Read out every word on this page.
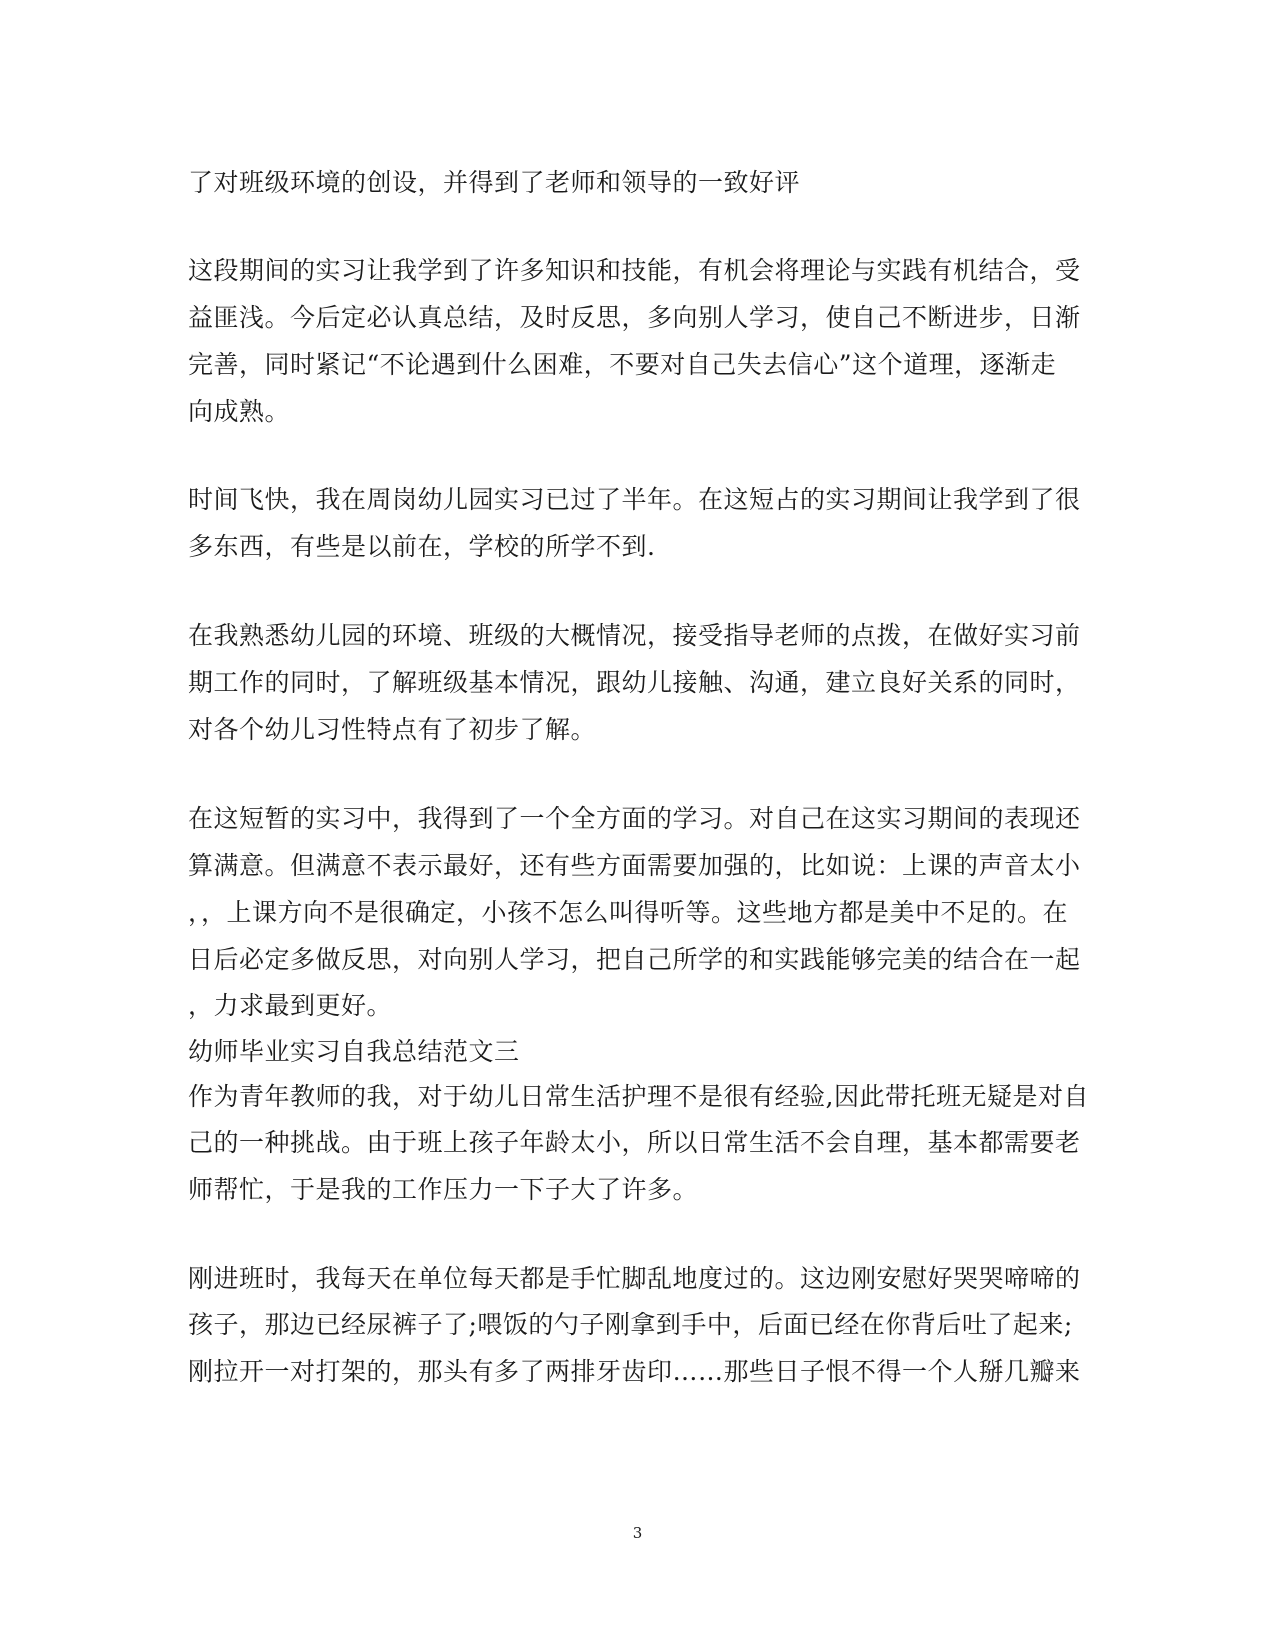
了对班级环境的创设，并得到了老师和领导的一致好评
这段期间的实习让我学到了许多知识和技能，有机会将理论与实践有机结合，受
益匪浅。今后定必认真总结，及时反思，多向别人学习，使自己不断进步，日渐
完善，同时紧记“不论遇到什么困难，不要对自己失去信心”这个道理，逐渐走
向成熟。
时间飞快，我在周岗幼儿园实习已过了半年。在这短占的实习期间让我学到了很
多东西，有些是以前在，学校的所学不到.
在我熟悉幼儿园的环境、班级的大概情况，接受指导老师的点拨，在做好实习前
期工作的同时，了解班级基本情况，跟幼儿接触、沟通，建立良好关系的同时，
对各个幼儿习性特点有了初步了解。
在这短暂的实习中，我得到了一个全方面的学习。对自己在这实习期间的表现还
算满意。但满意不表示最好，还有些方面需要加强的，比如说：上课的声音太小
，，上课方向不是很确定，小孩不怎么叫得听等。这些地方都是美中不足的。在
日后必定多做反思，对向别人学习，把自己所学的和实践能够完美的结合在一起
，力求最到更好。
幼师毕业实习自我总结范文三
作为青年教师的我，对于幼儿日常生活护理不是很有经验,因此带托班无疑是对自
己的一种挑战。由于班上孩子年龄太小，所以日常生活不会自理，基本都需要老
师帮忙，于是我的工作压力一下子大了许多。
刚进班时，我每天在单位每天都是手忙脚乱地度过的。这边刚安慰好哭哭啼啼的
孩子，那边已经尿裤子了;喂饭的勺子刚拿到手中，后面已经在你背后吐了起来;
刚拉开一对打架的，那头有多了两排牙齿印……那些日子恨不得一个人掰几瓣来
3
